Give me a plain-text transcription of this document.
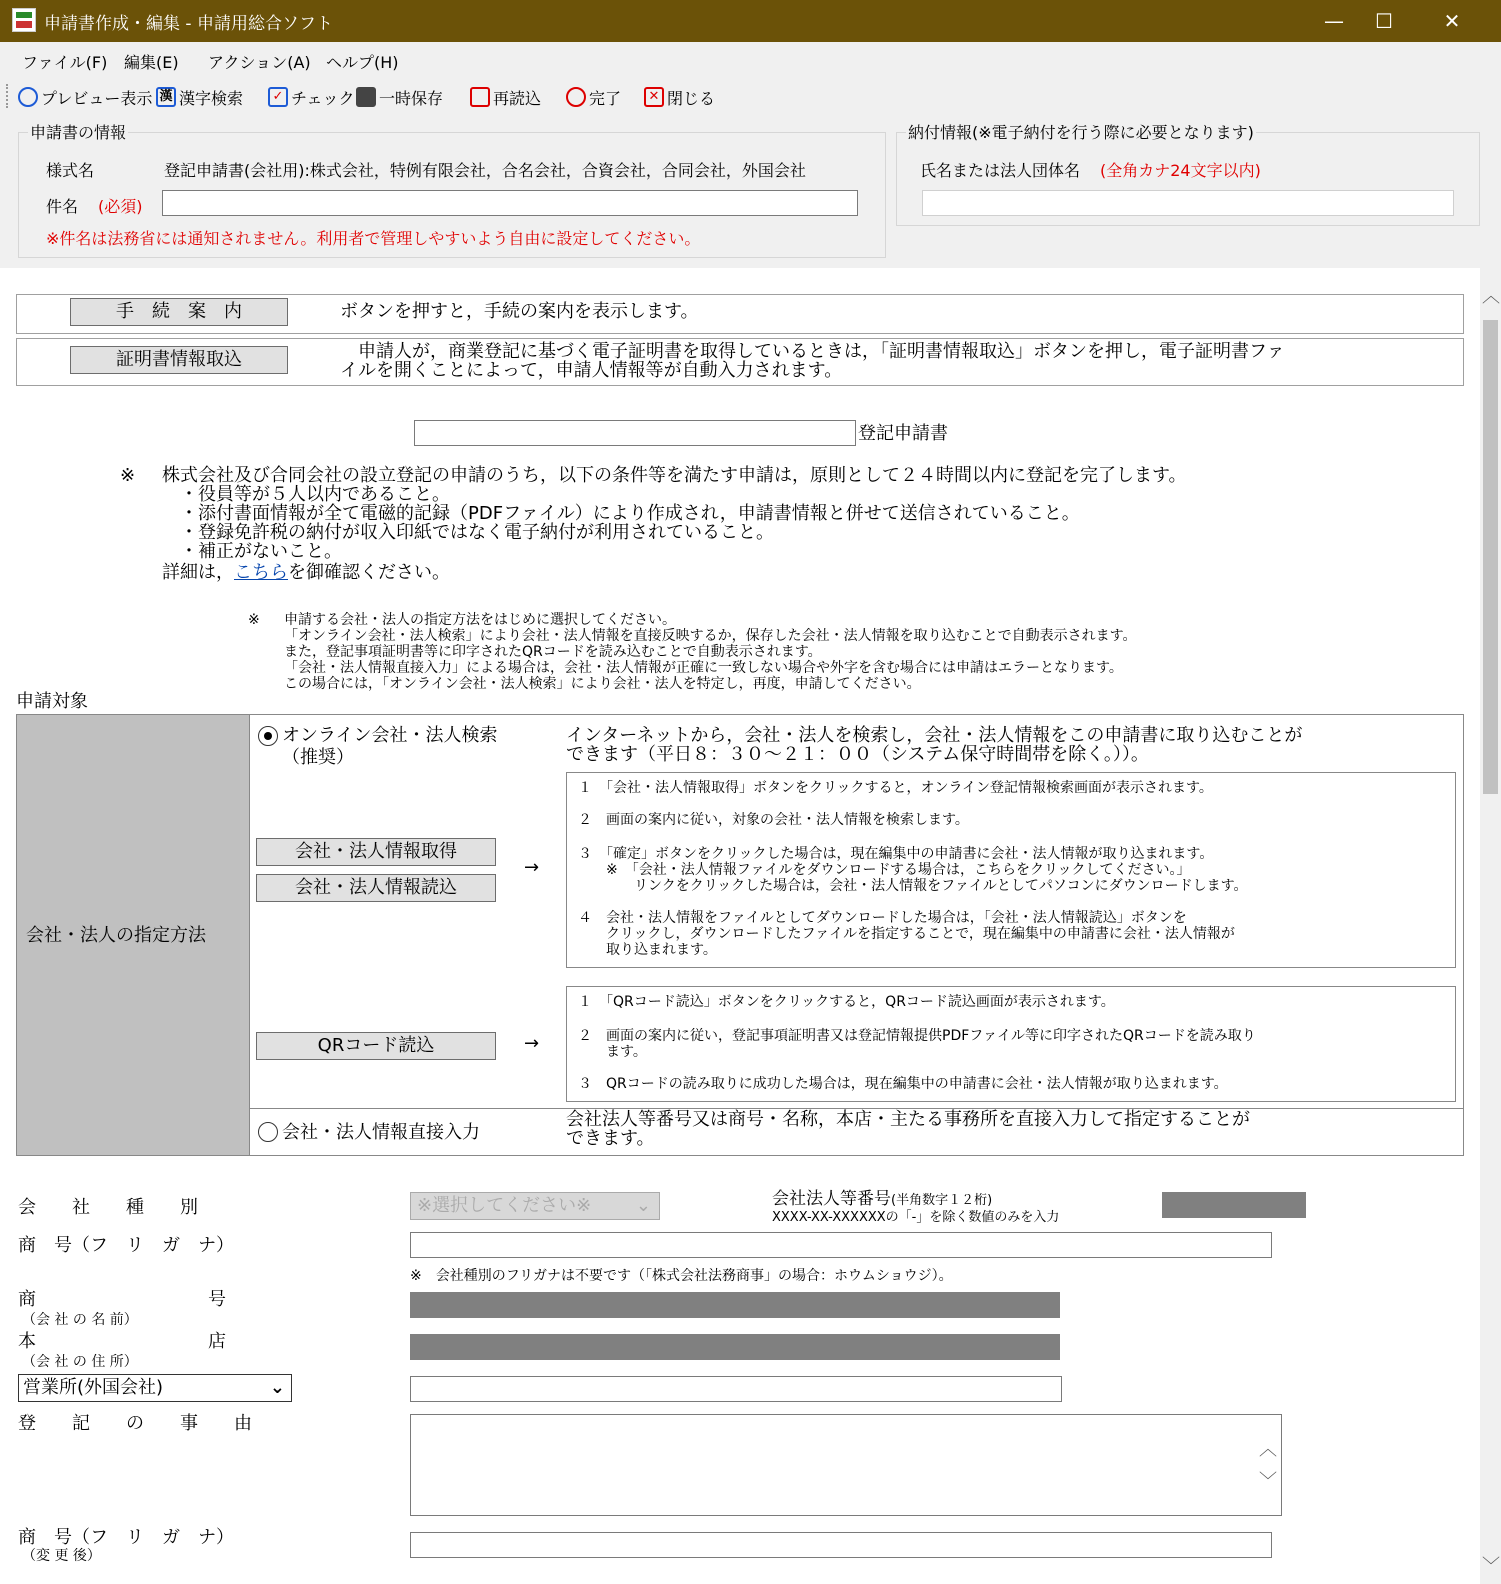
申請書作成・編集 - 申請用総合ソフト	—	☐	✕
ファイル(F) 編集(E) アクション(A) ヘルプ(H)
プレビュー表示 漢 漢字検索	✓ チェック 一時保存	再読込	完了	✕ 閉じる
申請書の情報
様式名	登記申請書(会社用):株式会社，特例有限会社，合名会社，合資会社，合同会社，外国会社
件名 (必須)
※件名は法務省には通知されません。利用者で管理しやすいよう自由に設定してください。
納付情報(※電子納付を行う際に必要となります)
氏名または法人団体名 (全角カナ24文字以内)
手　続　案　内	ボタンを押すと，手続の案内を表示します。
証明書情報取込	　申請人が，商業登記に基づく電子証明書を取得しているときは，「証明書情報取込」ボタンを押し，電子証明書ファ
イルを開くことによって，申請人情報等が自動入力されます。
登記申請書
※ 株式会社及び合同会社の設立登記の申請のうち，以下の条件等を満たす申請は，原則として２４時間以内に登記を完了します。
　・役員等が５人以内であること。
　・添付書面情報が全て電磁的記録（PDFファイル）により作成され，申請書情報と併せて送信されていること。
　・登録免許税の納付が収入印紙ではなく電子納付が利用されていること。
　・補正がないこと。
詳細は，こちらを御確認ください。
※ 申請する会社・法人の指定方法をはじめに選択してください。
「オンライン会社・法人検索」により会社・法人情報を直接反映するか，保存した会社・法人情報を取り込むことで自動表示されます。
また，登記事項証明書等に印字されたQRコードを読み込むことで自動表示されます。
「会社・法人情報直接入力」による場合は，会社・法人情報が正確に一致しない場合や外字を含む場合には申請はエラーとなります。
この場合には，「オンライン会社・法人検索」により会社・法人を特定し，再度，申請してください。
申請対象
会社・法人の指定方法
オンライン会社・法人検索
（推奨）
インターネットから，会社・法人を検索し，会社・法人情報をこの申請書に取り込むことが
できます（平日８：３０～２１：００（システム保守時間帯を除く。））。
会社・法人情報取得
会社・法人情報読込
→
１　「会社・法人情報取得」ボタンをクリックすると，オンライン登記情報検索画面が表示されます。
２　画面の案内に従い，対象の会社・法人情報を検索します。
３　「確定」ボタンをクリックした場合は，現在編集中の申請書に会社・法人情報が取り込まれます。
　　※　「会社・法人情報ファイルをダウンロードする場合は，こちらをクリックしてください。」
　　　　リンクをクリックした場合は，会社・法人情報をファイルとしてパソコンにダウンロードします。
４　会社・法人情報をファイルとしてダウンロードした場合は，「会社・法人情報読込」ボタンを
　　クリックし，ダウンロードしたファイルを指定することで，現在編集中の申請書に会社・法人情報が
　　取り込まれます。
QRコード読込	→
１　「QRコード読込」ボタンをクリックすると，QRコード読込画面が表示されます。
２　画面の案内に従い，登記事項証明書又は登記情報提供PDFファイル等に印字されたQRコードを読み取り
　　ます。
３　QRコードの読み取りに成功した場合は，現在編集中の申請書に会社・法人情報が取り込まれます。
会社・法人情報直接入力
会社法人等番号又は商号・名称，本店・主たる事務所を直接入力して指定することが
できます。
会　　社　　種　　別	※選択してください※ ⌄	会社法人等番号(半角数字１２桁)
XXXX-XX-XXXXXXの「-」を除く数値のみを入力
商　号（フ　リ　ガ　ナ）
※　会社種別のフリガナは不要です（「株式会社法務商事」の場合：ホウムショウジ）。
商	号
（会 社 の 名 前）
本	店
（会 社 の 住 所）
営業所(外国会社)	⌄
登　　記　　の　　事　　由
︿
﹀
商　号（フ　リ　ガ　ナ）
（変 更 後）
︿
﹀
